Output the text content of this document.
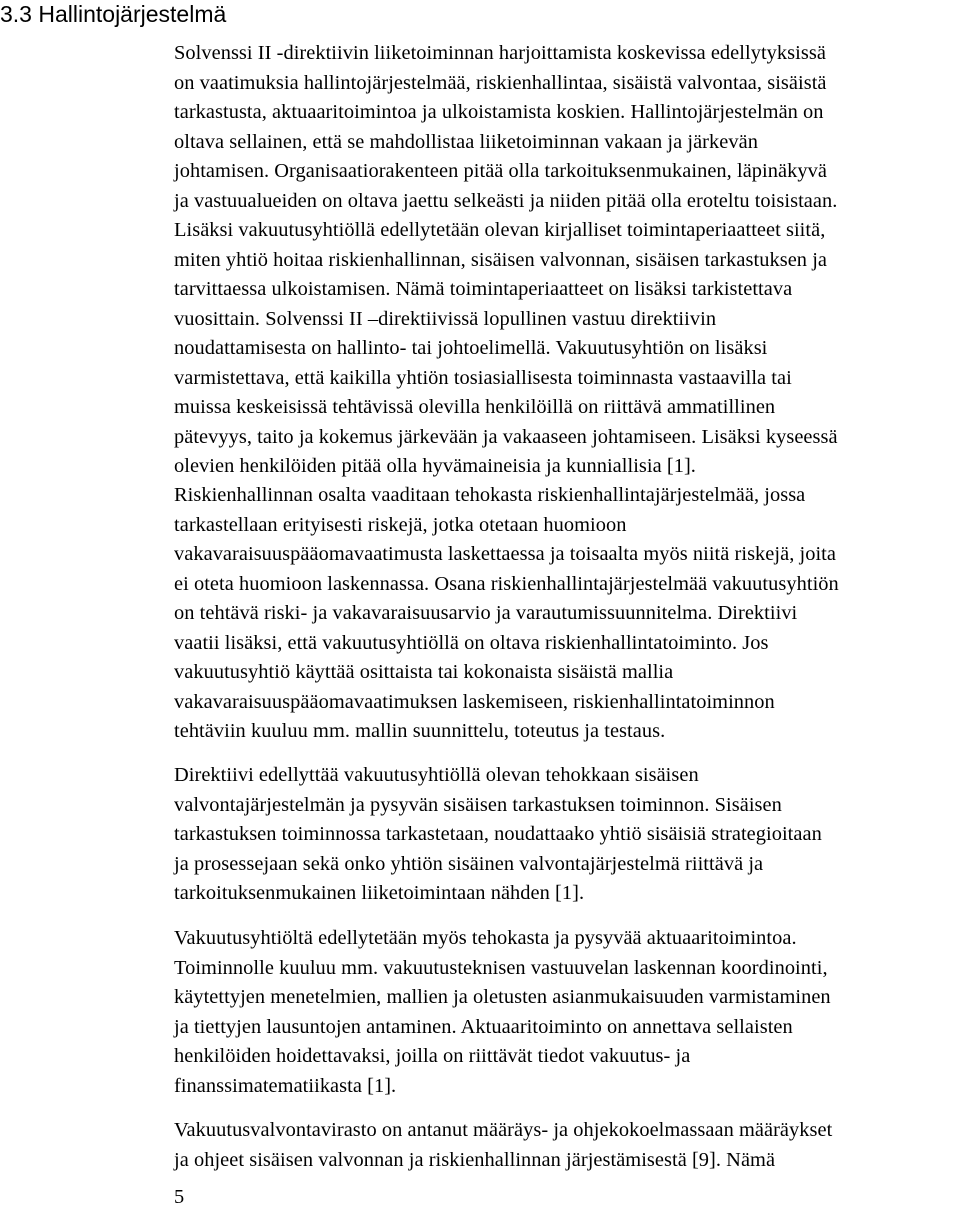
3.3 Hallintojärjestelmä
Solvenssi II -direktiivin liiketoiminnan harjoittamista koskevissa edellytyksissä
on vaatimuksia hallintojärjestelmää, riskienhallintaa, sisäistä valvontaa, sisäistä
tarkastusta, aktuaaritoimintoa ja ulkoistamista koskien. Hallintojärjestelmän on
oltava sellainen, että se mahdollistaa liiketoiminnan vakaan ja järkevän
johtamisen. Organisaatiorakenteen pitää olla tarkoituksenmukainen, läpinäkyvä
ja vastuualueiden on oltava jaettu selkeästi ja niiden pitää olla eroteltu toisistaan.
Lisäksi vakuutusyhtiöllä edellytetään olevan kirjalliset toimintaperiaatteet siitä,
miten yhtiö hoitaa riskienhallinnan, sisäisen valvonnan, sisäisen tarkastuksen ja
tarvittaessa ulkoistamisen. Nämä toimintaperiaatteet on lisäksi tarkistettava
vuosittain. Solvenssi II –direktiivissä lopullinen vastuu direktiivin
noudattamisesta on hallinto- tai johtoelimellä. Vakuutusyhtiön on lisäksi
varmistettava, että kaikilla yhtiön tosiasiallisesta toiminnasta vastaavilla tai
muissa keskeisissä tehtävissä olevilla henkilöillä on riittävä ammatillinen
pätevyys, taito ja kokemus järkevään ja vakaaseen johtamiseen. Lisäksi kyseessä
olevien henkilöiden pitää olla hyvämaineisia ja kunniallisia [1].
Riskienhallinnan osalta vaaditaan tehokasta riskienhallintajärjestelmää, jossa
tarkastellaan erityisesti riskejä, jotka otetaan huomioon
vakavaraisuuspääomavaatimusta laskettaessa ja toisaalta myös niitä riskejä, joita
ei oteta huomioon laskennassa. Osana riskienhallintajärjestelmää vakuutusyhtiön
on tehtävä riski- ja vakavaraisuusarvio ja varautumissuunnitelma. Direktiivi
vaatii lisäksi, että vakuutusyhtiöllä on oltava riskienhallintatoiminto. Jos
vakuutusyhtiö käyttää osittaista tai kokonaista sisäistä mallia
vakavaraisuuspääomavaatimuksen laskemiseen, riskienhallintatoiminnon
tehtäviin kuuluu mm. mallin suunnittelu, toteutus ja testaus.
Direktiivi edellyttää vakuutusyhtiöllä olevan tehokkaan sisäisen
valvontajärjestelmän ja pysyvän sisäisen tarkastuksen toiminnon. Sisäisen
tarkastuksen toiminnossa tarkastetaan, noudattaako yhtiö sisäisiä strategioitaan
ja prosessejaan sekä onko yhtiön sisäinen valvontajärjestelmä riittävä ja
tarkoituksenmukainen liiketoimintaan nähden [1].
Vakuutusyhtiöltä edellytetään myös tehokasta ja pysyvää aktuaaritoimintoa.
Toiminnolle kuuluu mm. vakuutusteknisen vastuuvelan laskennan koordinointi,
käytettyjen menetelmien, mallien ja oletusten asianmukaisuuden varmistaminen
ja tiettyjen lausuntojen antaminen. Aktuaaritoiminto on annettava sellaisten
henkilöiden hoidettavaksi, joilla on riittävät tiedot vakuutus- ja
finanssimatematiikasta [1].
Vakuutusvalvontavirasto on antanut määräys- ja ohjekokoelmassaan määräykset
ja ohjeet sisäisen valvonnan ja riskienhallinnan järjestämisestä [9]. Nämä
5
